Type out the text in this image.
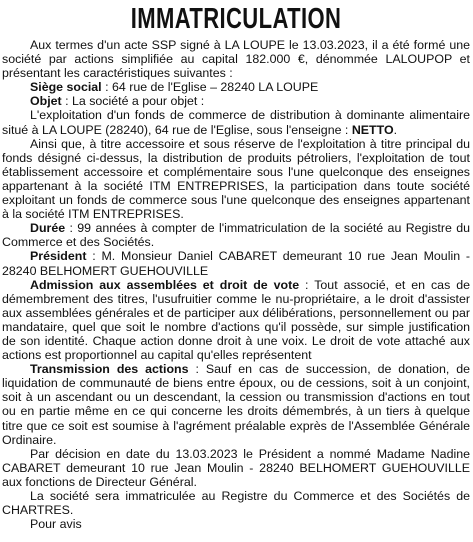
IMMATRICULATION

Aux termes d'un acte SSP signé à LA LOUPE le 13.03.2023, il a été formé une société par actions simplifiée au capital 182.000 €, dénommée LALOUPOP et présentant les caractéristiques suivantes :

Siège social : 64 rue de l'Eglise – 28240 LA LOUPE

Objet : La société a pour objet :

L'exploitation d'un fonds de commerce de distribution à dominante alimentaire situé à LA LOUPE (28240), 64 rue de l'Eglise, sous l'enseigne : NETTO.

Ainsi que, à titre accessoire et sous réserve de l'exploitation à titre principal du fonds désigné ci-dessus, la distribution de produits pétroliers, l'exploitation de tout établissement accessoire et complémentaire sous l'une quelconque des enseignes appartenant à la société ITM ENTREPRISES, la participation dans toute société exploitant un fonds de commerce sous l'une quelconque des enseignes appartenant à la société ITM ENTREPRISES.

Durée : 99 années à compter de l'immatriculation de la société au Registre du Commerce et des Sociétés.

Président : M. Monsieur Daniel CABARET demeurant 10 rue Jean Moulin - 28240 BELHOMERT GUEHOUVILLE

Admission aux assemblées et droit de vote : Tout associé, et en cas de démembrement des titres, l'usufruitier comme le nu-propriétaire, a le droit d'assister aux assemblées générales et de participer aux délibérations, personnellement ou par mandataire, quel que soit le nombre d'actions qu'il possède, sur simple justification de son identité. Chaque action donne droit à une voix. Le droit de vote attaché aux actions est proportionnel au capital qu'elles représentent

Transmission des actions : Sauf en cas de succession, de donation, de liquidation de communauté de biens entre époux, ou de cessions, soit à un conjoint, soit à un ascendant ou un descendant, la cession ou transmission d'actions en tout ou en partie même en ce qui concerne les droits démembrés, à un tiers à quelque titre que ce soit est soumise à l'agrément préalable exprès de l'Assemblée Générale Ordinaire.

Par décision en date du 13.03.2023 le Président a nommé Madame Nadine CABARET demeurant 10 rue Jean Moulin - 28240 BELHOMERT GUEHOUVILLE aux fonctions de Directeur Général.

La société sera immatriculée au Registre du Commerce et des Sociétés de CHARTRES.

Pour avis
